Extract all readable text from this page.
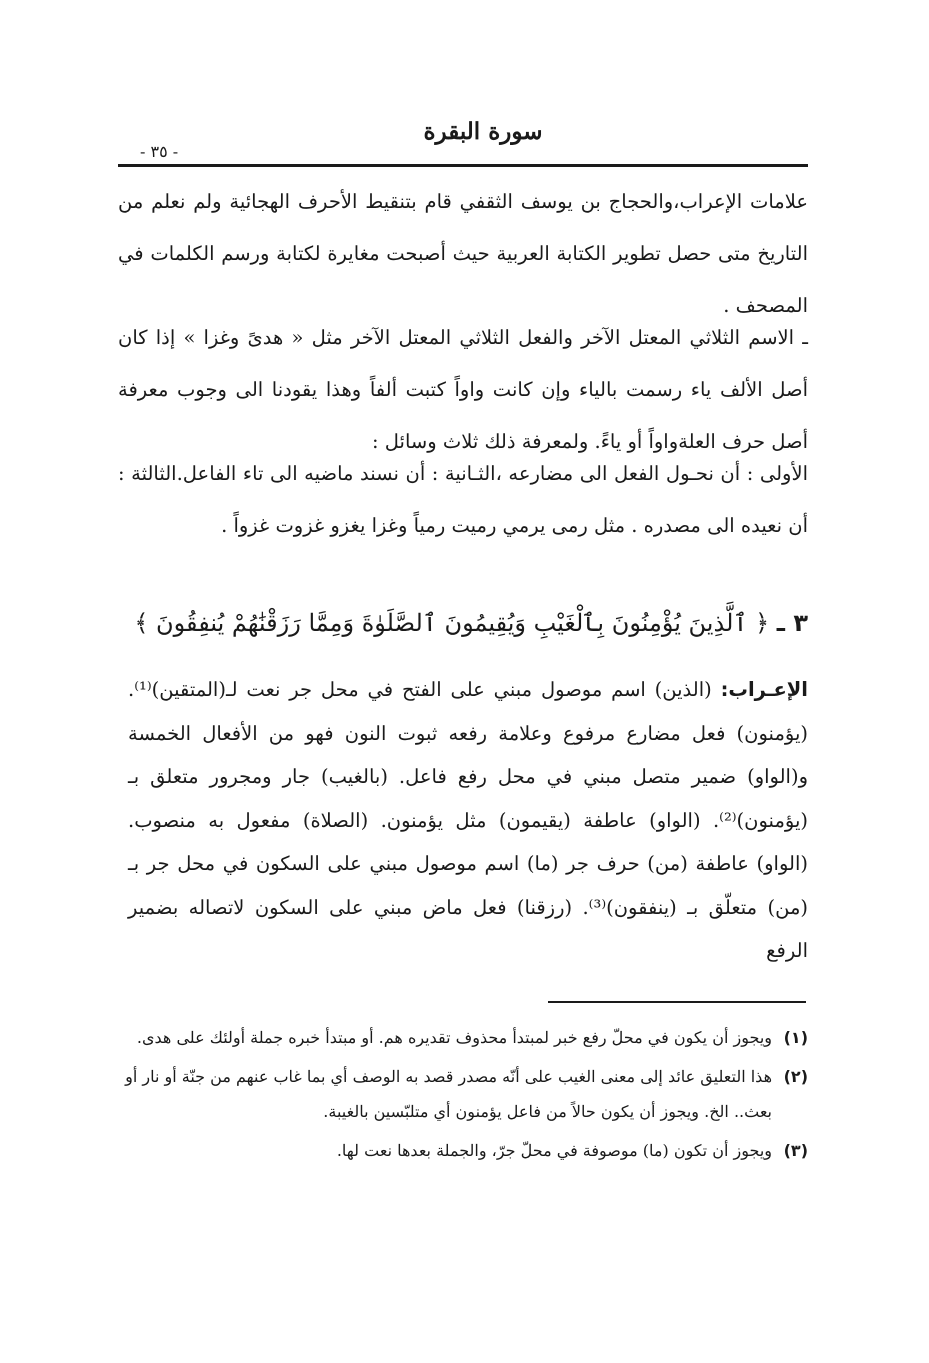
سورة البقرة
- ٣٥ -

علامات الإعراب،والحجاج بن يوسف الثقفي قام بتنقيط الأحرف الهجائية ولم نعلم من التاريخ متى حصل تطوير الكتابة العربية حيث أصبحت مغايرة لكتابة ورسم الكلمات في المصحف .

ـ الاسم الثلاثي المعتل الآخر والفعل الثلاثي المعتل الآخر مثل « هدىً وغزا » إذا كان أصل الألف ياء رسمت بالياء وإن كانت واواً كتبت ألفاً وهذا يقودنا الى وجوب معرفة أصل حرف العلةواواً أو ياءً. ولمعرفة ذلك ثلاث وسائل :

الأولى : أن نحـول الفعل الى مضارعه ،الثـانية : أن نسند ماضيه الى تاء الفاعل.الثالثة : أن نعيده الى مصدره . مثل رمى يرمي رميت رمياً وغزا يغزو غزوت غزواً .

٣ ـ ﴿ ٱلَّذِينَ يُؤْمِنُونَ بِٱلْغَيْبِ وَيُقِيمُونَ ٱلصَّلَوٰةَ وَمِمَّا رَزَقْنَٰهُمْ يُنفِقُونَ ﴾
الإعـراب: (الذين) اسم موصول مبني على الفتح في محل جر نعت لـ(المتقين)⁽¹⁾. (يؤمنون) فعل مضارع مرفوع وعلامة رفعه ثبوت النون فهو من الأفعال الخمسة و(الواو) ضمير متصل مبني في محل رفع فاعل. (بالغيب) جار ومجرور متعلق بـ (يؤمنون)⁽²⁾. (الواو) عاطفة (يقيمون) مثل يؤمنون. (الصلاة) مفعول به منصوب. (الواو) عاطفة (من) حرف جر (ما) اسم موصول مبني على السكون في محل جر بـ (من) متعلّق بـ (ينفقون)⁽³⁾. (رزقنا) فعل ماض مبني على السكون لاتصاله بضمير الرفع

(١)
ويجوز أن يكون في محلّ رفع خبر لمبتدأ محذوف تقديره هم. أو مبتدأ خبره جملة أولئك على هدى.

(٢)
هذا التعليق عائد إلى معنى الغيب على أنّه مصدر قصد به الوصف أي بما غاب عنهم من جنّة أو نار أو بعث.. الخ. ويجوز أن يكون حالاً من فاعل يؤمنون أي متلبّسين بالغيبة.

(٣)
ويجوز أن تكون (ما) موصوفة في محلّ جرّ، والجملة بعدها نعت لها.
